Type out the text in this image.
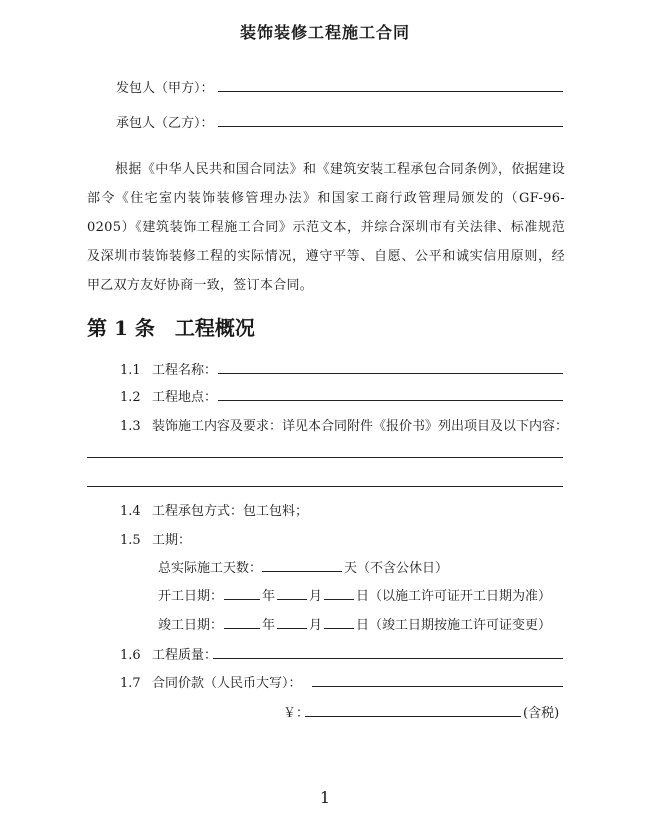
装饰装修工程施工合同
发包人（甲方）：
承包人（乙方）：
根据《中华人民共和国合同法》和《建筑安装工程承包合同条例》，依据建设部令《住宅室内装饰装修管理办法》和国家工商行政管理局颁发的（GF-96-0205）《建筑装饰工程施工合同》示范文本，并综合深圳市有关法律、标准规范及深圳市装饰装修工程的实际情况，遵守平等、自愿、公平和诚实信用原则，经甲乙双方友好协商一致，签订本合同。
第 1 条　工程概况
1.1 工程名称：
1.2 工程地点：
1.3 装饰施工内容及要求：详见本合同附件《报价书》列出项目及以下内容：
1.4 工程承包方式：包工包料；
1.5 工期：
总实际施工天数：	天（不含公休日）
开工日期：	年	月	日（以施工许可证开工日期为准）
竣工日期：	年	月	日（竣工日期按施工许可证变更）
1.6 工程质量：
1.7 合同价款（人民币大写）：
￥：	(含税)
1
